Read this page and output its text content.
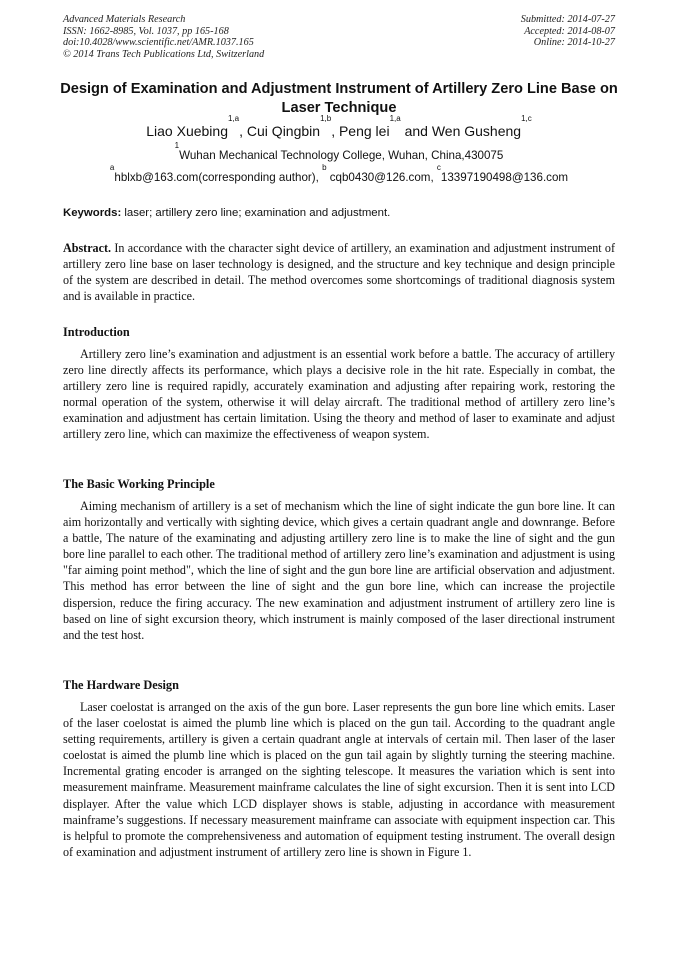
Advanced Materials Research
ISSN: 1662-8985, Vol. 1037, pp 165-168
doi:10.4028/www.scientific.net/AMR.1037.165
© 2014 Trans Tech Publications Ltd, Switzerland
Submitted: 2014-07-27
Accepted: 2014-08-07
Online: 2014-10-27
Design of Examination and Adjustment Instrument of Artillery Zero Line Base on Laser Technique
Liao Xuebing$^{1,a}$, Cui Qingbin$^{1,b}$, Peng lei$^{1,a}$ and Wen Gusheng$^{1,c}$
$^1$Wuhan Mechanical Technology College, Wuhan, China,430075
$^a$hblxb@163.com(corresponding author), $^b$ cqb0430@126.com, $^c$13397190498@136.com
Keywords: laser; artillery zero line; examination and adjustment.
Abstract. In accordance with the character sight device of artillery, an examination and adjustment instrument of artillery zero line base on laser technology is designed, and the structure and key technique and design principle of the system are described in detail. The method overcomes some shortcomings of traditional diagnosis system and is available in practice.
Introduction
Artillery zero line’s examination and adjustment is an essential work before a battle. The accuracy of artillery zero line directly affects its performance, which plays a decisive role in the hit rate. Especially in combat, the artillery zero line is required rapidly, accurately examination and adjusting after repairing work, restoring the normal operation of the system, otherwise it will delay aircraft. The traditional method of artillery zero line’s examination and adjustment has certain limitation. Using the theory and method of laser to examinate and adjust artillery zero line, which can maximize the effectiveness of weapon system.
The Basic Working Principle
Aiming mechanism of artillery is a set of mechanism which the line of sight indicate the gun bore line. It can aim horizontally and vertically with sighting device, which gives a certain quadrant angle and downrange. Before a battle, The nature of the examinating and adjusting artillery zero line is to make the line of sight and the gun bore line parallel to each other. The traditional method of artillery zero line’s examination and adjustment is using "far aiming point method", which the line of sight and the gun bore line are artificial observation and adjustment. This method has error between the line of sight and the gun bore line, which can increase the projectile dispersion, reduce the firing accuracy. The new examination and adjustment instrument of artillery zero line is based on line of sight excursion theory, which instrument is mainly composed of the laser directional instrument and the test host.
The Hardware Design
Laser coelostat is arranged on the axis of the gun bore. Laser represents the gun bore line which emits. Laser of the laser coelostat is aimed the plumb line which is placed on the gun tail. According to the quadrant angle setting requirements, artillery is given a certain quadrant angle at intervals of certain mil. Then laser of the laser coelostat is aimed the plumb line which is placed on the gun tail again by slightly turning the steering machine. Incremental grating encoder is arranged on the sighting telescope. It measures the variation which is sent into measurement mainframe. Measurement mainframe calculates the line of sight excursion. Then it is sent into LCD displayer. After the value which LCD displayer shows is stable, adjusting in accordance with measurement mainframe’s suggestions. If necessary measurement mainframe can associate with equipment inspection car. This is helpful to promote the comprehensiveness and automation of equipment testing instrument. The overall design of examination and adjustment instrument of artillery zero line is shown in Figure 1.
